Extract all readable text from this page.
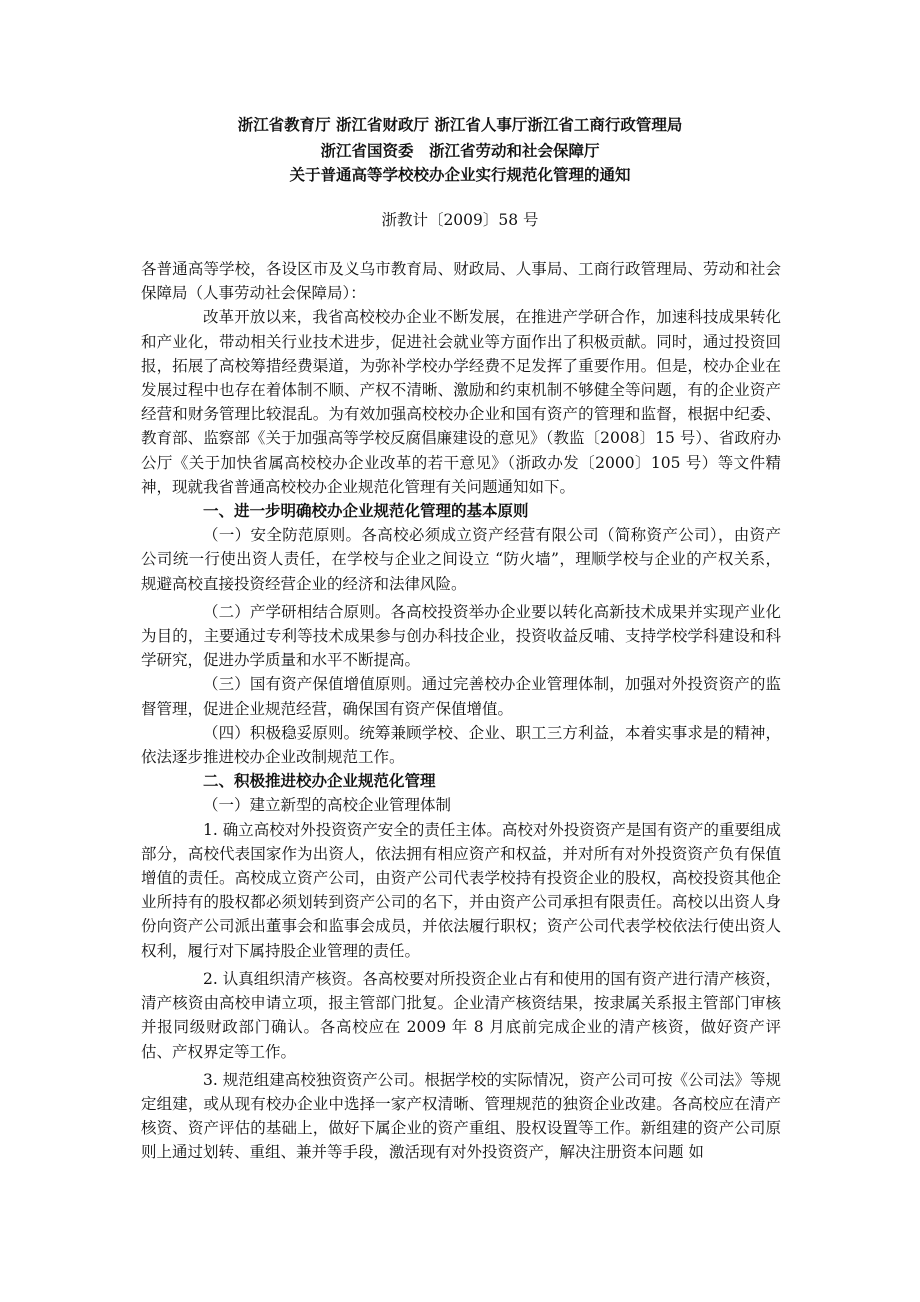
浙江省教育厅 浙江省财政厅 浙江省人事厅浙江省工商行政管理局
浙江省国资委　浙江省劳动和社会保障厅
关于普通高等学校校办企业实行规范化管理的通知
浙教计〔2009〕58 号

各普通高等学校，各设区市及义乌市教育局、财政局、人事局、工商行政管理局、劳动和社会保障局（人事劳动社会保障局）：

改革开放以来，我省高校校办企业不断发展，在推进产学研合作，加速科技成果转化和产业化，带动相关行业技术进步，促进社会就业等方面作出了积极贡献。同时，通过投资回报，拓展了高校筹措经费渠道，为弥补学校办学经费不足发挥了重要作用。但是，校办企业在发展过程中也存在着体制不顺、产权不清晰、激励和约束机制不够健全等问题，有的企业资产经营和财务管理比较混乱。为有效加强高校校办企业和国有资产的管理和监督，根据中纪委、教育部、监察部《关于加强高等学校反腐倡廉建设的意见》（教监〔2008〕15 号）、省政府办公厅《关于加快省属高校校办企业改革的若干意见》（浙政办发〔2000〕105 号）等文件精神，现就我省普通高校校办企业规范化管理有关问题通知如下。

一、进一步明确校办企业规范化管理的基本原则

（一）安全防范原则。各高校必须成立资产经营有限公司（简称资产公司），由资产公司统一行使出资人责任，在学校与企业之间设立 “防火墙”，理顺学校与企业的产权关系，规避高校直接投资经营企业的经济和法律风险。

（二）产学研相结合原则。各高校投资举办企业要以转化高新技术成果并实现产业化为目的，主要通过专利等技术成果参与创办科技企业，投资收益反哺、支持学校学科建设和科学研究，促进办学质量和水平不断提高。

（三）国有资产保值增值原则。通过完善校办企业管理体制，加强对外投资资产的监督管理，促进企业规范经营，确保国有资产保值增值。

（四）积极稳妥原则。统筹兼顾学校、企业、职工三方利益，本着实事求是的精神，依法逐步推进校办企业改制规范工作。

二、积极推进校办企业规范化管理

（一）建立新型的高校企业管理体制

1. 确立高校对外投资资产安全的责任主体。高校对外投资资产是国有资产的重要组成部分，高校代表国家作为出资人，依法拥有相应资产和权益，并对所有对外投资资产负有保值增值的责任。高校成立资产公司，由资产公司代表学校持有投资企业的股权，高校投资其他企业所持有的股权都必须划转到资产公司的名下，并由资产公司承担有限责任。高校以出资人身份向资产公司派出董事会和监事会成员，并依法履行职权；资产公司代表学校依法行使出资人权利，履行对下属持股企业管理的责任。

2. 认真组织清产核资。各高校要对所投资企业占有和使用的国有资产进行清产核资，清产核资由高校申请立项，报主管部门批复。企业清产核资结果，按隶属关系报主管部门审核并报同级财政部门确认。各高校应在 2009 年 8 月底前完成企业的清产核资，做好资产评估、产权界定等工作。

3. 规范组建高校独资资产公司。根据学校的实际情况，资产公司可按《公司法》等规定组建，或从现有校办企业中选择一家产权清晰、管理规范的独资企业改建。各高校应在清产核资、资产评估的基础上，做好下属企业的资产重组、股权设置等工作。新组建的资产公司原则上通过划转、重组、兼并等手段，激活现有对外投资资产，解决注册资本问题 如
